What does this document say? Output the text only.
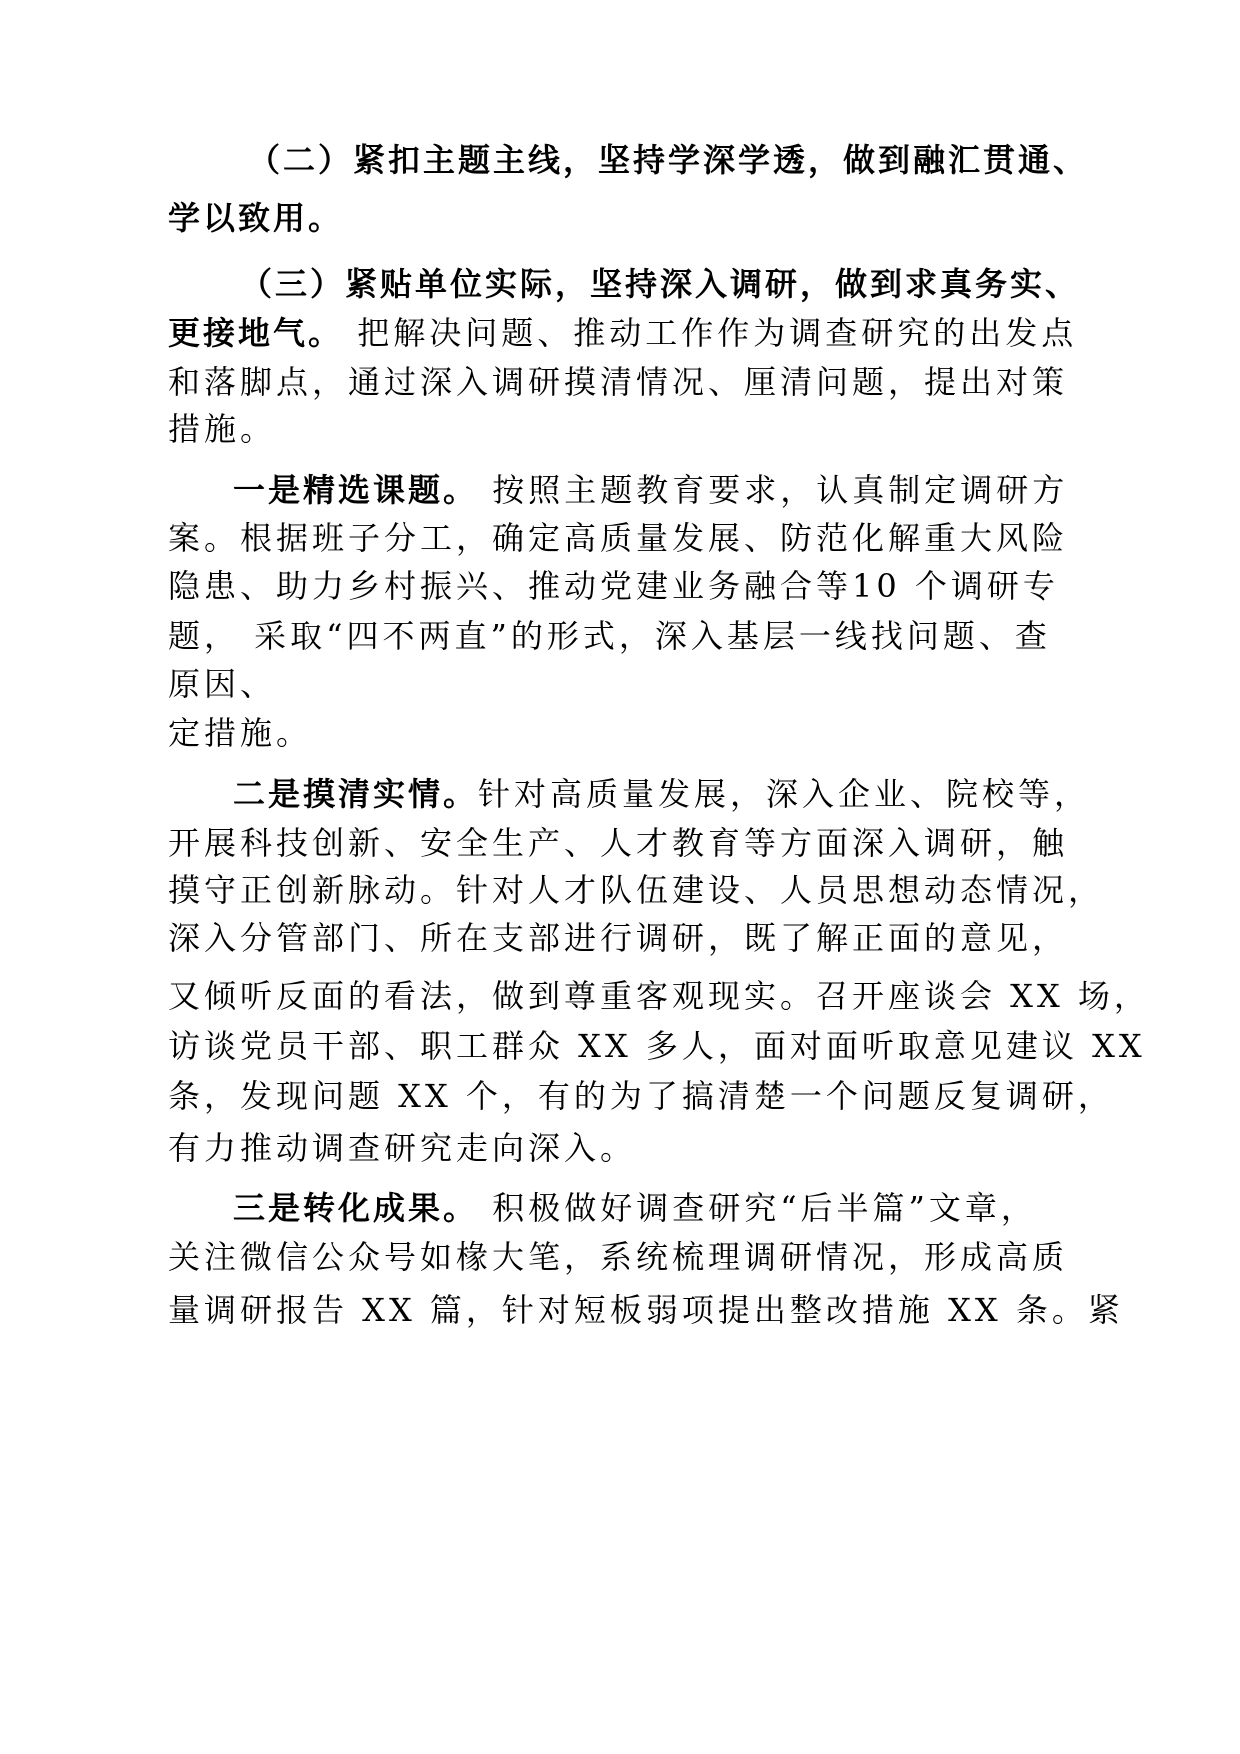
（二）紧扣主题主线，坚持学深学透，做到融汇贯通、
学以致用。
（三）紧贴单位实际，坚持深入调研，做到求真务实、
更接地气。 把解决问题、推动工作作为调查研究的出发点
和落脚点，通过深入调研摸清情况、厘清问题，提出对策
措施。
一是精选课题。 按照主题教育要求，认真制定调研方
案。根据班子分工，确定高质量发展、防范化解重大风险
隐患、助力乡村振兴、推动党建业务融合等10 个调研专
题， 采取“四不两直”的形式，深入基层一线找问题、查
原因、
定措施。
二是摸清实情。针对高质量发展，深入企业、院校等，
开展科技创新、安全生产、人才教育等方面深入调研，触
摸守正创新脉动。针对人才队伍建设、人员思想动态情况，
深入分管部门、所在支部进行调研，既了解正面的意见，
又倾听反面的看法，做到尊重客观现实。召开座谈会 XX 场，
访谈党员干部、职工群众 XX 多人，面对面听取意见建议 XX
条，发现问题 XX 个，有的为了搞清楚一个问题反复调研，
有力推动调查研究走向深入。
三是转化成果。 积极做好调查研究“后半篇”文章，
关注微信公众号如椽大笔，系统梳理调研情况，形成高质
量调研报告 XX 篇，针对短板弱项提出整改措施 XX 条。紧
